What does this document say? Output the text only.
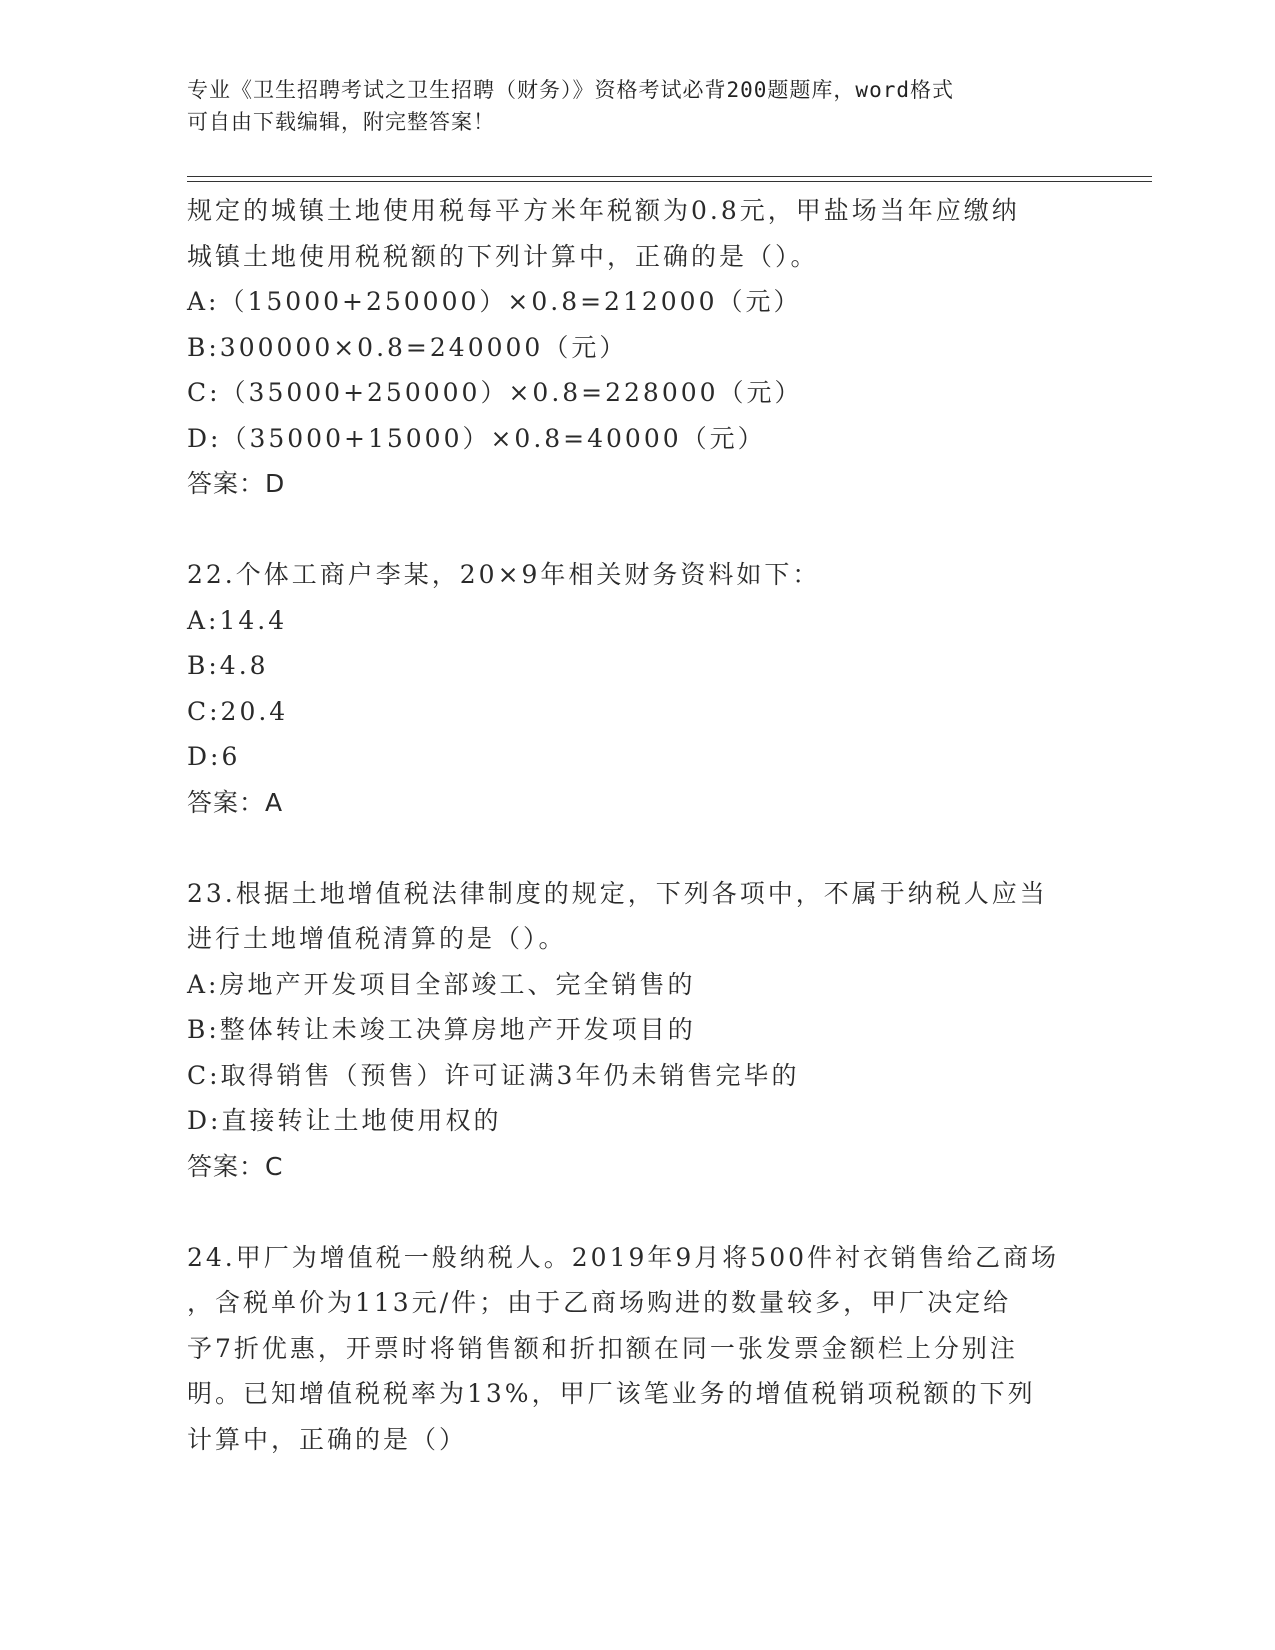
专业《卫生招聘考试之卫生招聘（财务）》资格考试必背200题题库，word格式
可自由下载编辑，附完整答案！
规定的城镇土地使用税每平方米年税额为0.8元，甲盐场当年应缴纳
城镇土地使用税税额的下列计算中，正确的是（）。
A:（15000+250000）×0.8=212000（元）
B:300000×0.8=240000（元）
C:（35000+250000）×0.8=228000（元）
D:（35000+15000）×0.8=40000（元）
答案：D
22.个体工商户李某，20×9年相关财务资料如下：
A:14.4
B:4.8
C:20.4
D:6
答案：A
23.根据土地增值税法律制度的规定，下列各项中，不属于纳税人应当
进行土地增值税清算的是（）。
A:房地产开发项目全部竣工、完全销售的
B:整体转让未竣工决算房地产开发项目的
C:取得销售（预售）许可证满3年仍未销售完毕的
D:直接转让土地使用权的
答案：C
24.甲厂为增值税一般纳税人。2019年9月将500件衬衣销售给乙商场
，含税单价为113元/件；由于乙商场购进的数量较多，甲厂决定给
予7折优惠，开票时将销售额和折扣额在同一张发票金额栏上分别注
明。已知增值税税率为13%，甲厂该笔业务的增值税销项税额的下列
计算中，正确的是（）
